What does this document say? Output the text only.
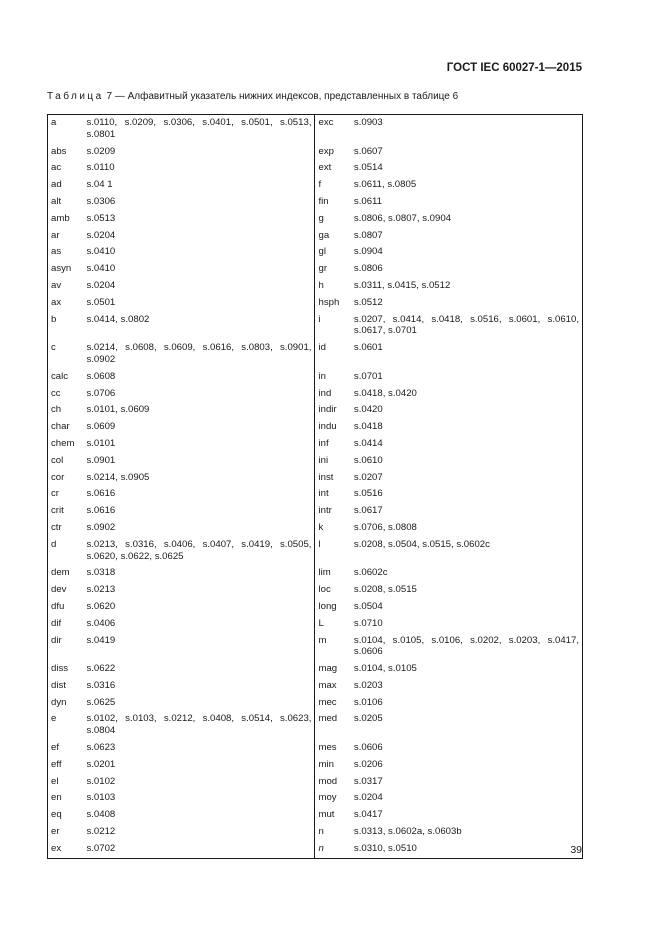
ГОСТ IEC 60027-1—2015
Таблица 7 — Алфавитный указатель нижних индексов, представленных в таблице 6
a	s.0110, s.0209, s.0306, s.0401, s.0501, s.0513, s.0801	exc	s.0903
abs	s.0209	exp	s.0607
ac	s.0110	ext	s.0514
ad	s.04 1	f	s.0611, s.0805
alt	s.0306	fin	s.0611
amb	s.0513	g	s.0806, s.0807, s.0904
ar	s.0204	ga	s.0807
as	s.0410	gl	s.0904
asyn	s.0410	gr	s.0806
av	s.0204	h	s.0311, s.0415, s.0512
ax	s.0501	hsph	s.0512
b	s.0414, s.0802	i	s.0207, s.0414, s.0418, s.0516, s.0601, s.0610, s.0617, s.0701
c	s.0214, s.0608, s.0609, s.0616, s.0803, s.0901, s.0902	id	s.0601
calc	s.0608	in	s.0701
cc	s.0706	ind	s.0418, s.0420
ch	s.0101, s.0609	indir	s.0420
char	s.0609	indu	s.0418
chem	s.0101	inf	s.0414
col	s.0901	ini	s.0610
cor	s.0214, s.0905	inst	s.0207
cr	s.0616	int	s.0516
crit	s.0616	intr	s.0617
ctr	s.0902	k	s.0706, s.0808
d	s.0213, s.0316, s.0406, s.0407, s.0419, s.0505, s.0620, s.0622, s.0625	l	s.0208, s.0504, s.0515, s.0602c
dem	s.0318	lim	s.0602c
dev	s.0213	loc	s.0208, s.0515
dfu	s.0620	long	s.0504
dif	s.0406	L	s.0710
dir	s.0419	m	s.0104, s.0105, s.0106, s.0202, s.0203, s.0417, s.0606
diss	s.0622	mag	s.0104, s.0105
dist	s.0316	max	s.0203
dyn	s.0625	mec	s.0106
e	s.0102, s.0103, s.0212, s.0408, s.0514, s.0623, s.0804	med	s.0205
ef	s.0623	mes	s.0606
eff	s.0201	min	s.0206
el	s.0102	mod	s.0317
en	s.0103	moy	s.0204
eq	s.0408	mut	s.0417
er	s.0212	n	s.0313, s.0602a, s.0603b
ex	s.0702	n	s.0310, s.0510	39
